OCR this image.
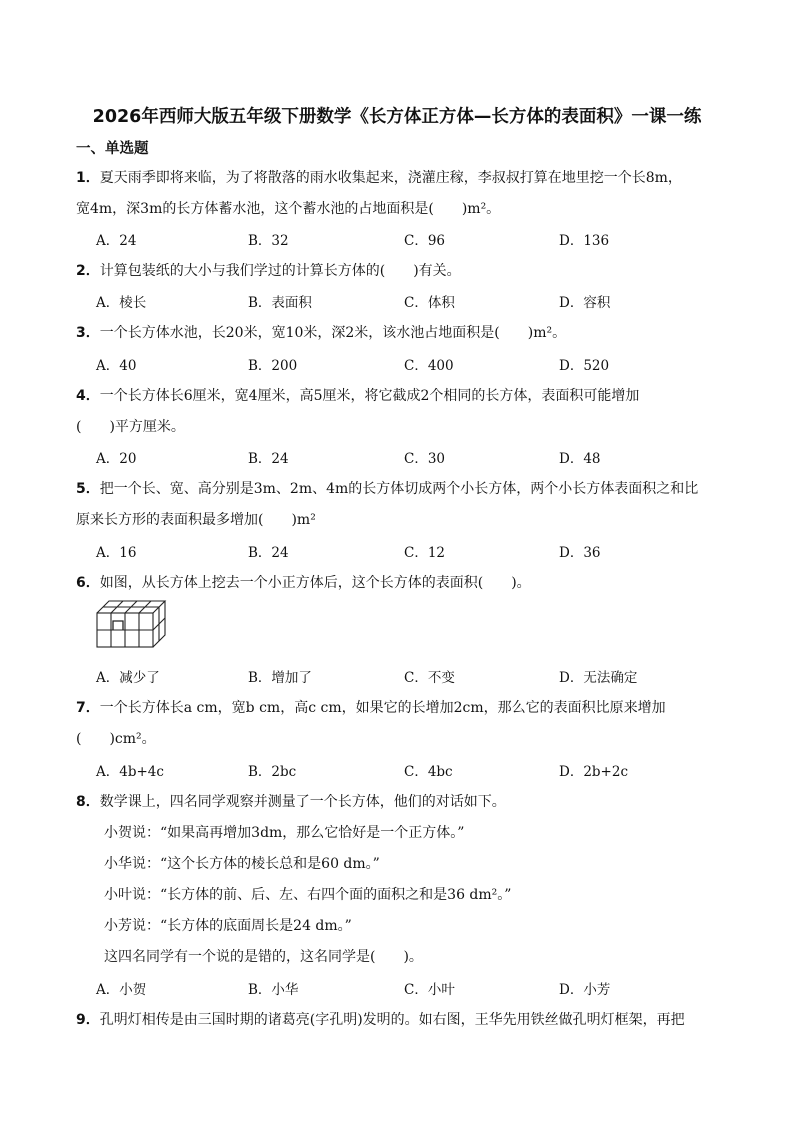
2026年西师大版五年级下册数学《长方体正方体—长方体的表面积》一课一练
一、单选题
1．夏天雨季即将来临，为了将散落的雨水收集起来，浇灌庄稼，李叔叔打算在地里挖一个长8m，
宽4m，深3m的长方体蓄水池，这个蓄水池的占地面积是(　　)m²。
A．24	B．32	C．96	D．136
2．计算包装纸的大小与我们学过的计算长方体的(　　)有关。
A．棱长	B．表面积	C．体积	D．容积
3．一个长方体水池，长20米，宽10米，深2米，该水池占地面积是(　　)m²。
A．40	B．200	C．400	D．520
4．一个长方体长6厘米，宽4厘米，高5厘米，将它截成2个相同的长方体，表面积可能增加
(　　)平方厘米。
A．20	B．24	C．30	D．48
5．把一个长、宽、高分别是3m、2m、4m的长方体切成两个小长方体，两个小长方体表面积之和比
原来长方形的表面积最多增加(　　)m²
A．16	B．24	C．12	D．36
6．如图，从长方体上挖去一个小正方体后，这个长方体的表面积(　　)。
A．减少了	B．增加了	C．不变	D．无法确定
7．一个长方体长a cm，宽b cm，高c cm，如果它的长增加2cm，那么它的表面积比原来增加
(　　)cm²。
A．4b+4c	B．2bc	C．4bc	D．2b+2c
8．数学课上，四名同学观察并测量了一个长方体，他们的对话如下。
小贺说：“如果高再增加3dm，那么它恰好是一个正方体。”
小华说：“这个长方体的棱长总和是60 dm。”
小叶说：“长方体的前、后、左、右四个面的面积之和是36 dm²。”
小芳说：“长方体的底面周长是24 dm。”
这四名同学有一个说的是错的，这名同学是(　　)。
A．小贺	B．小华	C．小叶	D．小芳
9．孔明灯相传是由三国时期的诸葛亮(字孔明)发明的。如右图，王华先用铁丝做孔明灯框架，再把
